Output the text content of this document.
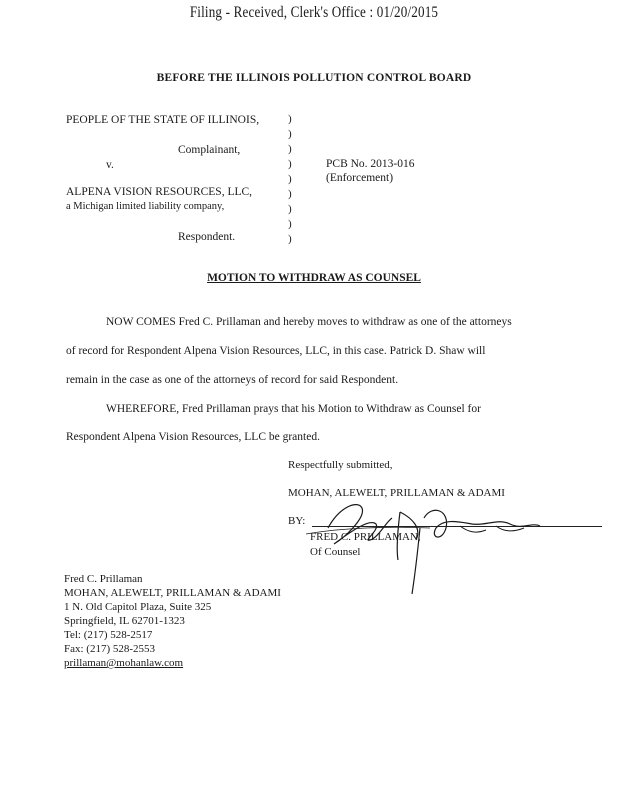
Filing - Received, Clerk's Office : 01/20/2015
BEFORE THE ILLINOIS POLLUTION CONTROL BOARD
PEOPLE OF THE STATE OF ILLINOIS,
Complainant,
v.
ALPENA VISION RESOURCES, LLC,
a Michigan limited liability company,
Respondent.
)
)
)
)
)
)
)
)
)
PCB No. 2013-016
(Enforcement)
MOTION TO WITHDRAW AS COUNSEL
NOW COMES Fred C. Prillaman and hereby moves to withdraw as one of the attorneys
of record for Respondent Alpena Vision Resources, LLC, in this case. Patrick D. Shaw will
remain in the case as one of the attorneys of record for said Respondent.
WHEREFORE, Fred Prillaman prays that his Motion to Withdraw as Counsel for
Respondent Alpena Vision Resources, LLC be granted.
Respectfully submitted,
MOHAN, ALEWELT, PRILLAMAN & ADAMI
BY:
FRED C. PRILLAMAN,
Of Counsel
Fred C. Prillaman
MOHAN, ALEWELT, PRILLAMAN & ADAMI
1 N. Old Capitol Plaza, Suite 325
Springfield, IL 62701-1323
Tel: (217) 528-2517
Fax: (217) 528-2553
prillaman@mohanlaw.com
